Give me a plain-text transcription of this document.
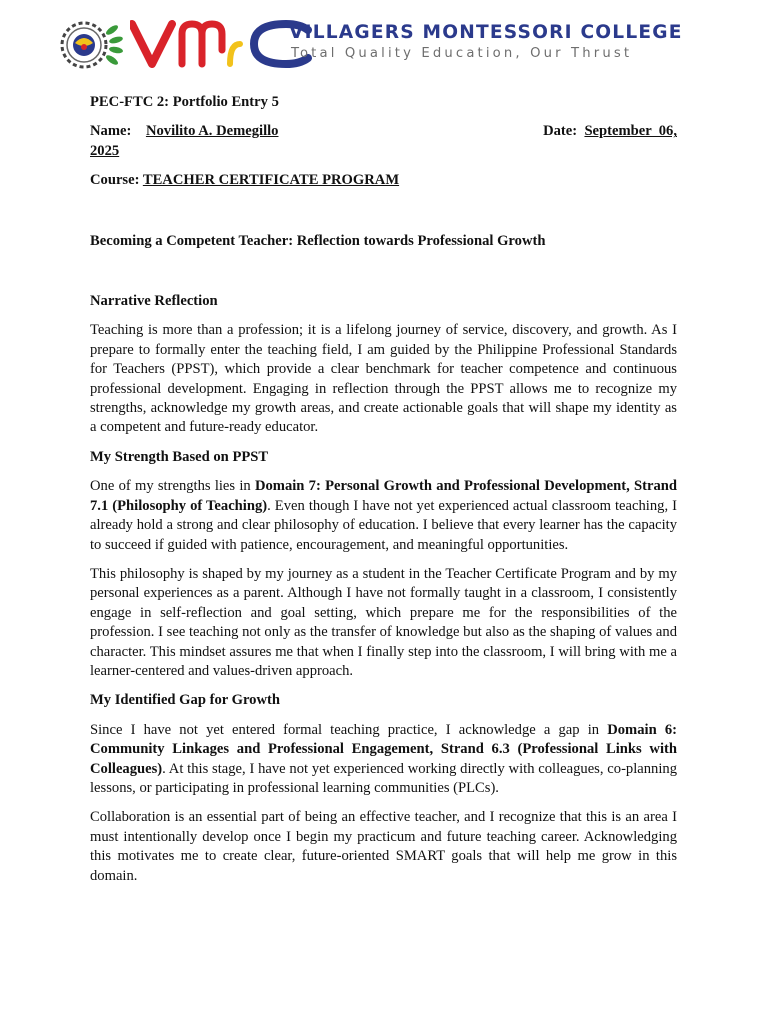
VILLAGERS MONTESSORI COLLEGE
Total Quality Education, Our Thrust

PEC-FTC 2: Portfolio Entry 5

Name: Novilito A. Demegillo	Date: September  06,

2025

Course: TEACHER CERTIFICATE PROGRAM

Becoming a Competent Teacher: Reflection towards Professional Growth

Narrative Reflection

Teaching is more than a profession; it is a lifelong journey of service, discovery, and growth. As I prepare to formally enter the teaching field, I am guided by the Philippine Professional Standards for Teachers (PPST), which provide a clear benchmark for teacher competence and continuous professional development. Engaging in reflection through the PPST allows me to recognize my strengths, acknowledge my growth areas, and create actionable goals that will shape my identity as a competent and future-ready educator.

My Strength Based on PPST

One of my strengths lies in Domain 7: Personal Growth and Professional Development, Strand 7.1 (Philosophy of Teaching). Even though I have not yet experienced actual classroom teaching, I already hold a strong and clear philosophy of education. I believe that every learner has the capacity to succeed if guided with patience, encouragement, and meaningful opportunities.

This philosophy is shaped by my journey as a student in the Teacher Certificate Program and by my personal experiences as a parent. Although I have not formally taught in a classroom, I consistently engage in self-reflection and goal setting, which prepare me for the responsibilities of the profession. I see teaching not only as the transfer of knowledge but also as the shaping of values and character. This mindset assures me that when I finally step into the classroom, I will bring with me a learner-centered and values-driven approach.

My Identified Gap for Growth

Since I have not yet entered formal teaching practice, I acknowledge a gap in Domain 6: Community Linkages and Professional Engagement, Strand 6.3 (Professional Links with Colleagues). At this stage, I have not yet experienced working directly with colleagues, co-planning lessons, or participating in professional learning communities (PLCs).

Collaboration is an essential part of being an effective teacher, and I recognize that this is an area I must intentionally develop once I begin my practicum and future teaching career. Acknowledging this motivates me to create clear, future-oriented SMART goals that will help me grow in this domain.
